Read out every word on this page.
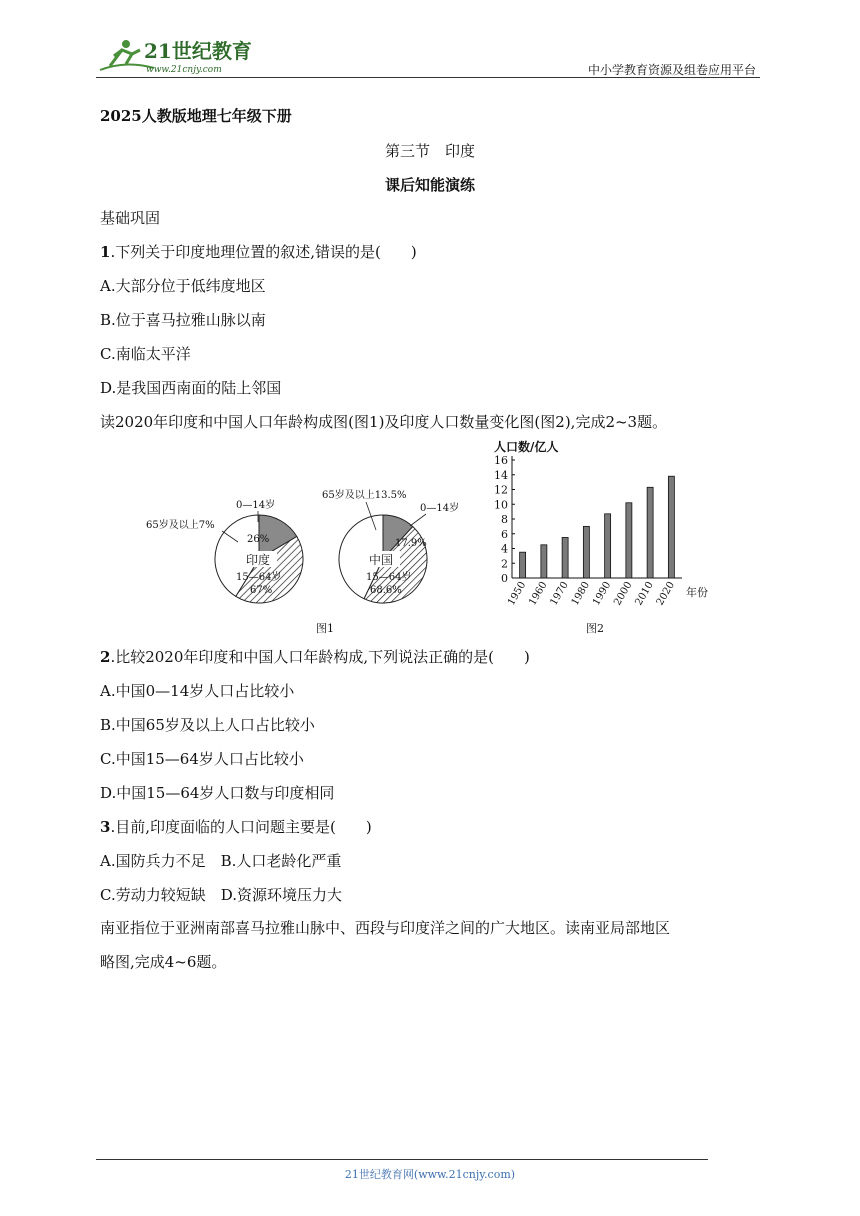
21世纪教育
www.21cnjy.com	中小学教育资源及组卷应用平台
2025人教版地理七年级下册
第三节　印度
课后知能演练
基础巩固
1.下列关于印度地理位置的叙述,错误的是(　　)
A.大部分位于低纬度地区
B.位于喜马拉雅山脉以南
C.南临太平洋
D.是我国西南面的陆上邻国
读2020年印度和中国人口年龄构成图(图1)及印度人口数量变化图(图2),完成2~3题。
0—14岁
65岁及以上7%
26%
印度
15—64岁
67%
65岁及以上13.5%
0—14岁
17.9%
中国
15—64岁
68.6%
图1
人口数/亿人
0
2
4
6
8
10
12
14
16
1950
1960
1970
1980
1990
2000
2010
2020 年份
图2
2.比较2020年印度和中国人口年龄构成,下列说法正确的是(　　)
A.中国0—14岁人口占比较小
B.中国65岁及以上人口占比较小
C.中国15—64岁人口占比较小
D.中国15—64岁人口数与印度相同
3.目前,印度面临的人口问题主要是(　　)
A.国防兵力不足　B.人口老龄化严重
C.劳动力较短缺　D.资源环境压力大
南亚指位于亚洲南部喜马拉雅山脉中、西段与印度洋之间的广大地区。读南亚局部地区
略图,完成4~6题。
21世纪教育网(www.21cnjy.com)
